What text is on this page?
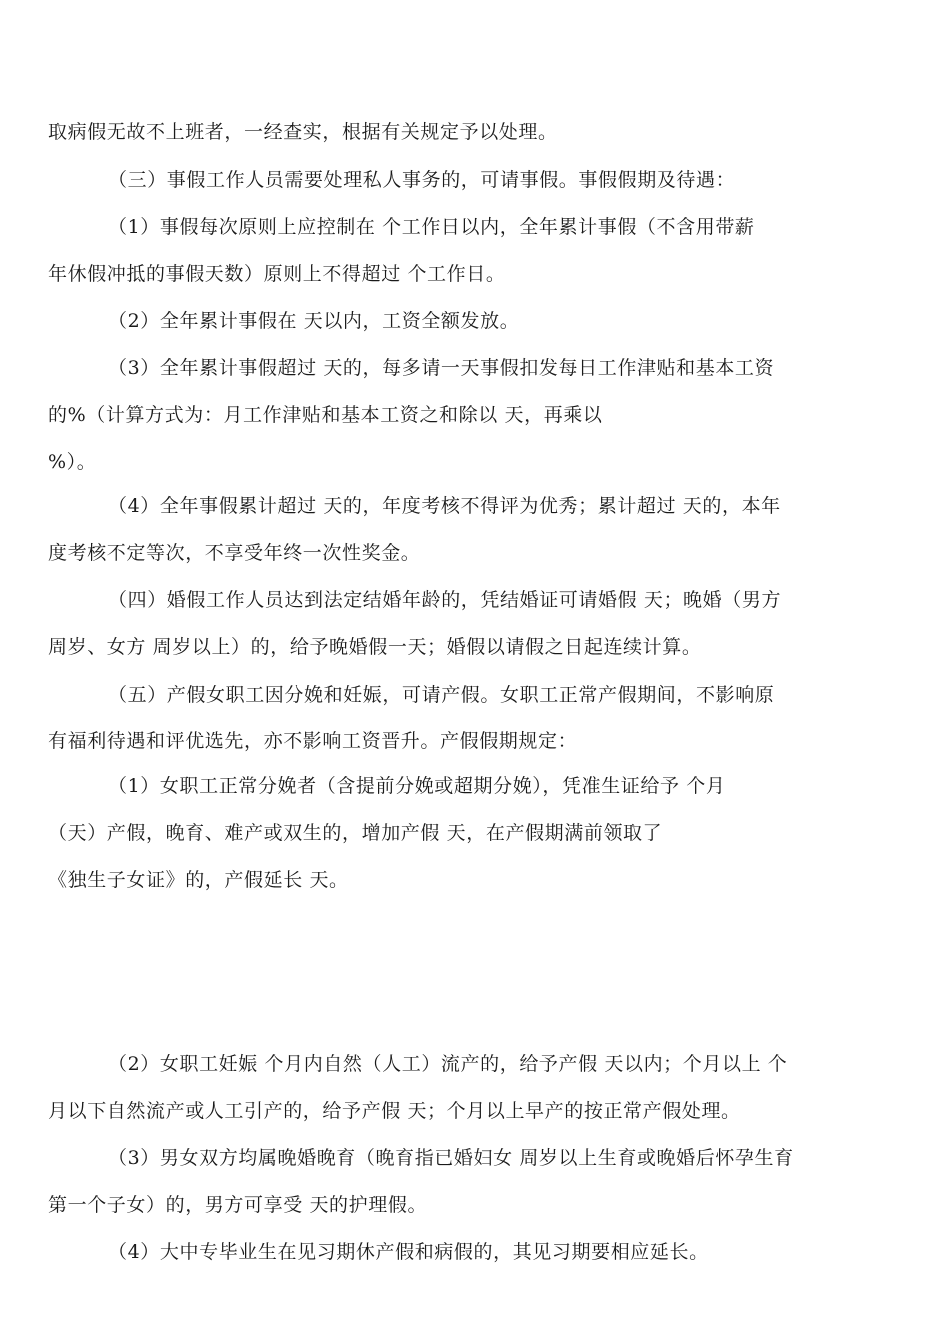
取病假无故不上班者，一经查实，根据有关规定予以处理。
（三）事假工作人员需要处理私人事务的，可请事假。事假假期及待遇：
（1）事假每次原则上应控制在 个工作日以内，全年累计事假（不含用带薪
年休假冲抵的事假天数）原则上不得超过 个工作日。
（2）全年累计事假在 天以内，工资全额发放。
（3）全年累计事假超过 天的，每多请一天事假扣发每日工作津贴和基本工资
的%（计算方式为：月工作津贴和基本工资之和除以 天，再乘以
%）。
（4）全年事假累计超过 天的，年度考核不得评为优秀；累计超过 天的，本年
度考核不定等次，不享受年终一次性奖金。
（四）婚假工作人员达到法定结婚年龄的，凭结婚证可请婚假 天；晚婚（男方
周岁、女方 周岁以上）的，给予晚婚假一天；婚假以请假之日起连续计算。
（五）产假女职工因分娩和妊娠，可请产假。女职工正常产假期间，不影响原
有福利待遇和评优选先，亦不影响工资晋升。产假假期规定：
（1）女职工正常分娩者（含提前分娩或超期分娩），凭准生证给予 个月
（天）产假，晚育、难产或双生的，增加产假 天，在产假期满前领取了
《独生子女证》的，产假延长 天。
（2）女职工妊娠 个月内自然（人工）流产的，给予产假 天以内；个月以上 个
月以下自然流产或人工引产的，给予产假 天；个月以上早产的按正常产假处理。
（3）男女双方均属晚婚晚育（晚育指已婚妇女 周岁以上生育或晚婚后怀孕生育
第一个子女）的，男方可享受 天的护理假。
（4）大中专毕业生在见习期休产假和病假的，其见习期要相应延长。
